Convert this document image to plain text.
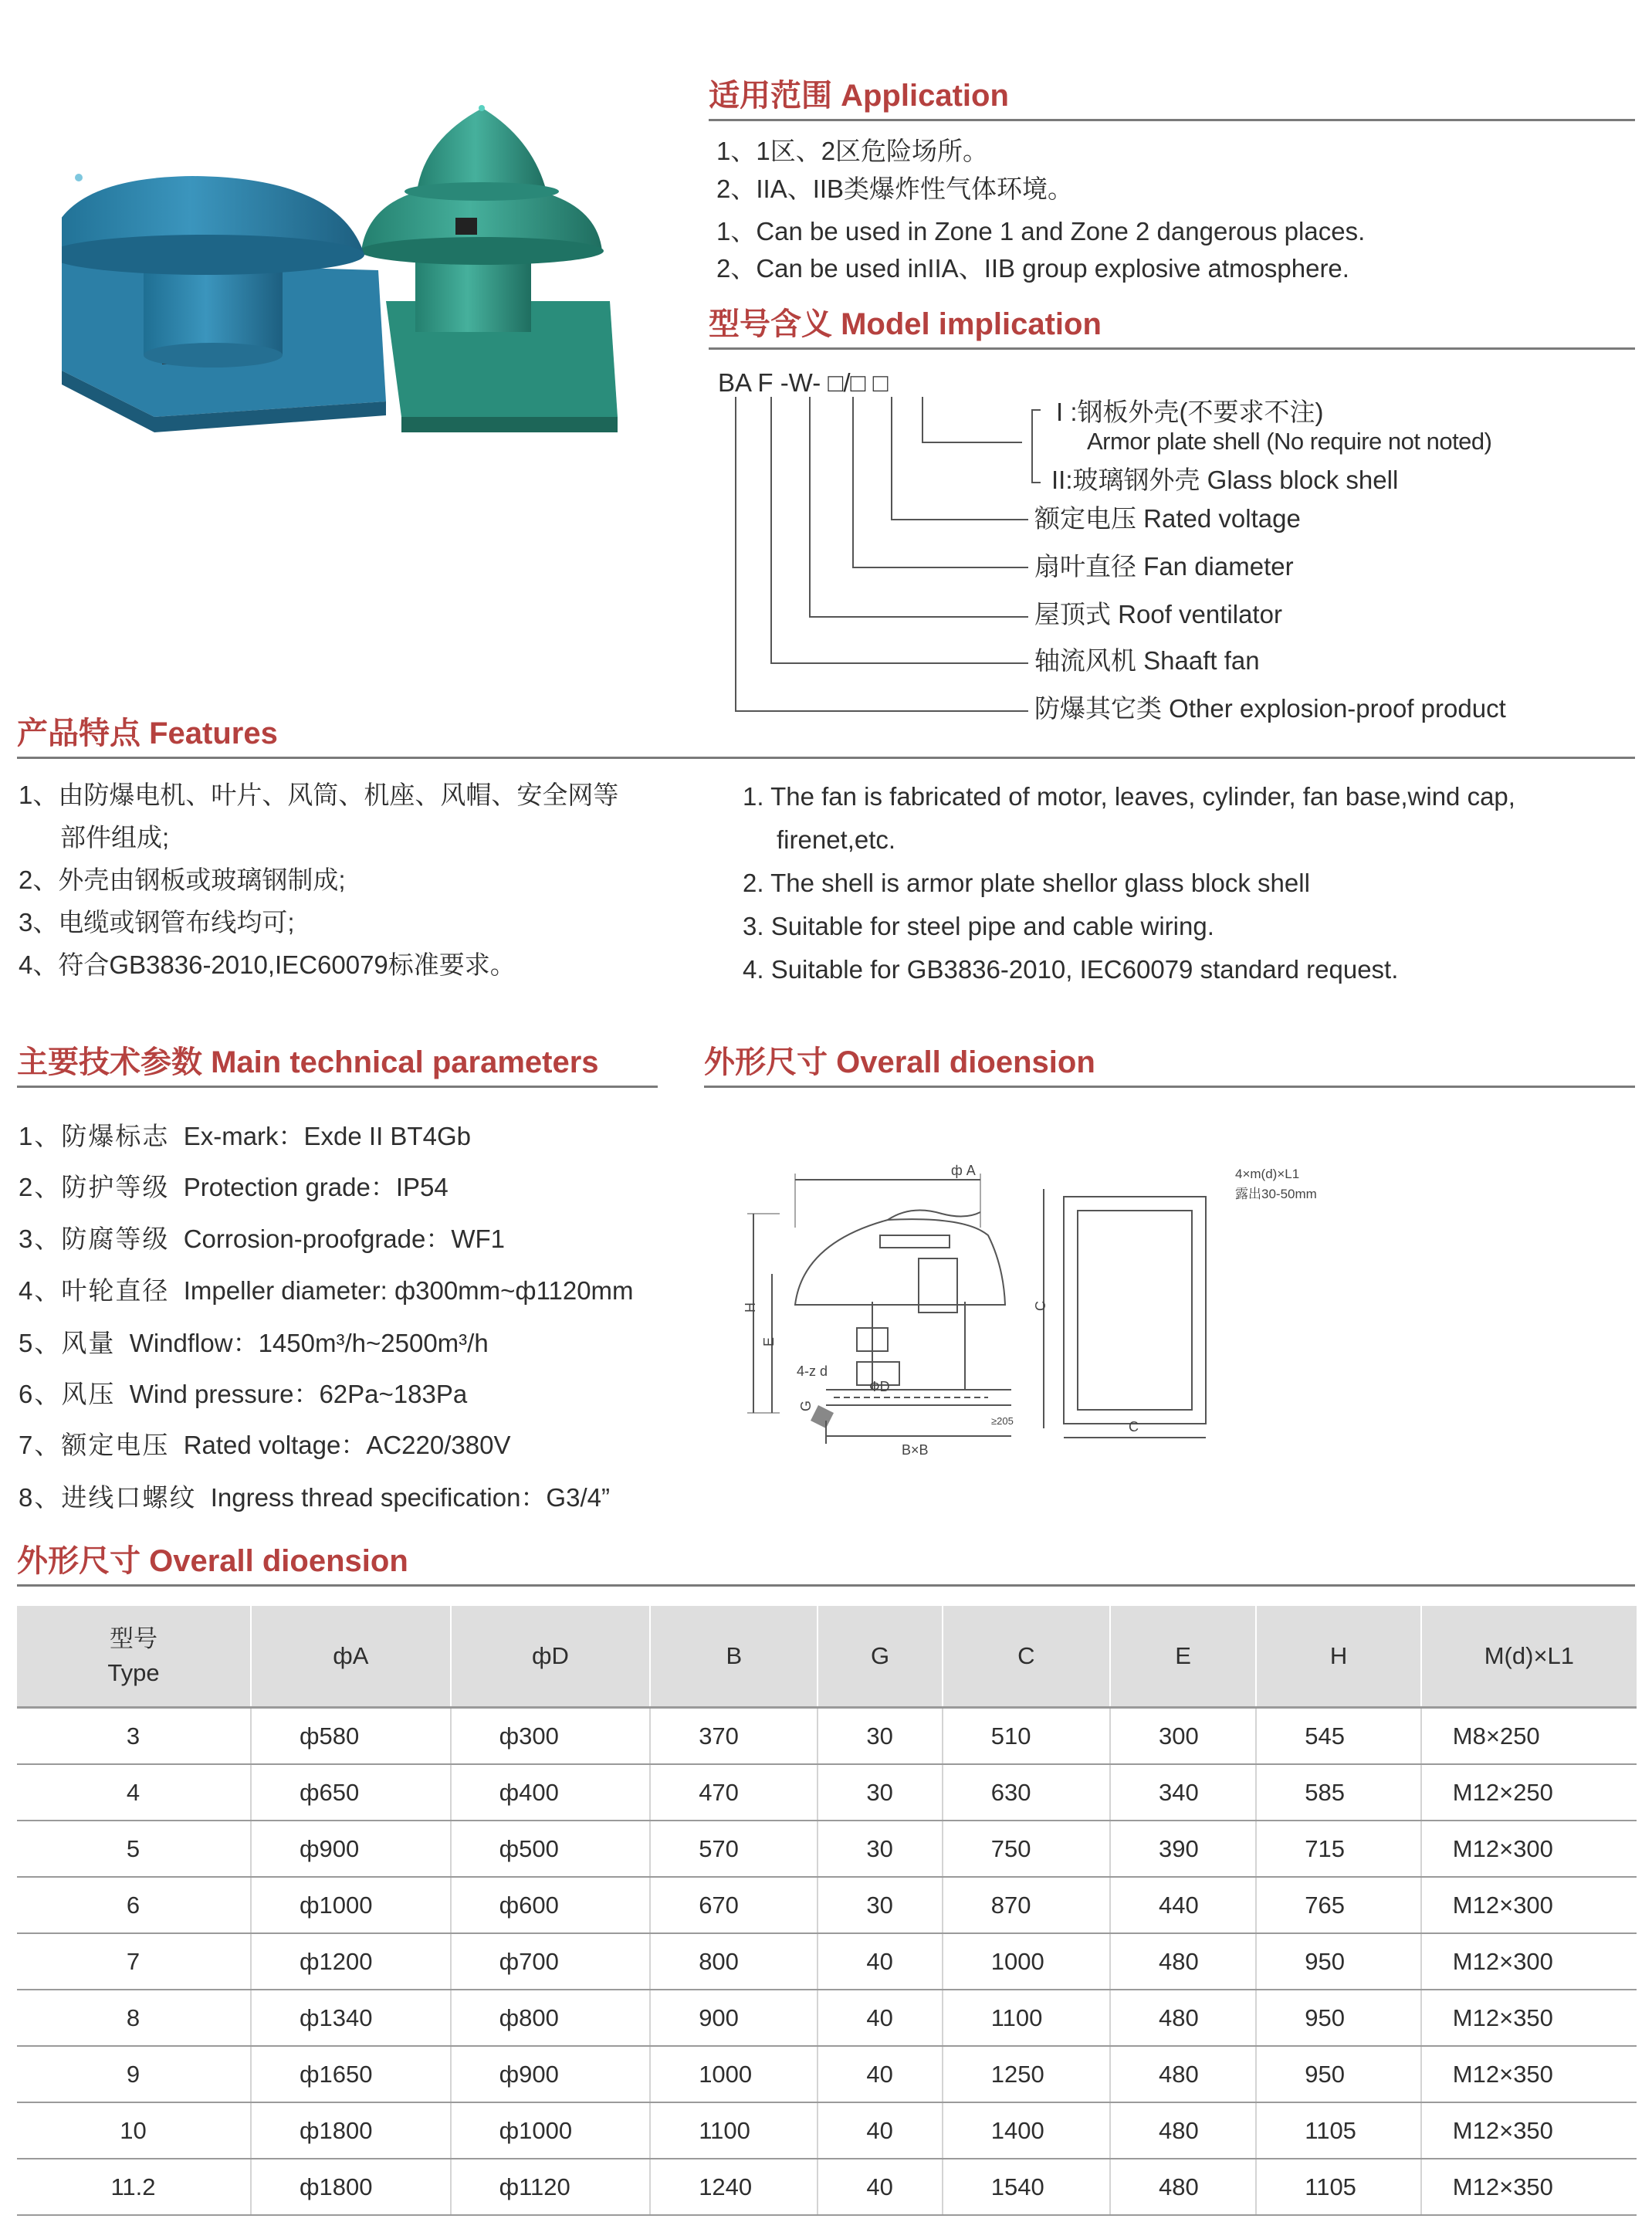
适用范围 Application
1、1区、2区危险场所。
2、IIA、IIB类爆炸性气体环境。
1、Can be used in Zone 1 and Zone 2 dangerous places.
2、Can be used inIIA、IIB group explosive atmosphere.
型号含义 Model implication
BA F -W- □/□ □
I :钢板外壳(不要求不注)
Armor plate shell (No require not noted)
II:玻璃钢外壳 Glass block shell
额定电压 Rated voltage
扇叶直径 Fan diameter
屋顶式 Roof ventilator
轴流风机 Shaaft fan
防爆其它类 Other explosion-proof product
产品特点 Features
1、由防爆电机、叶片、风筒、机座、风帽、安全网等
部件组成;
2、外壳由钢板或玻璃钢制成;
3、电缆或钢管布线均可;
4、符合GB3836-2010,IEC60079标准要求。
1. The fan is fabricated of motor, leaves, cylinder, fan base,wind cap,
firenet,etc.
2. The shell is armor plate shellor glass block shell
3. Suitable for steel pipe and cable wiring.
4. Suitable for GB3836-2010, IEC60079 standard request.
主要技术参数 Main technical parameters
1、防爆标志 Ex-mark：Exde II BT4Gb
2、防护等级 Protection grade：IP54
3、防腐等级 Corrosion-proofgrade：WF1
4、叶轮直径 Impeller diameter: ф300mm~ф1120mm
5、风量 Windflow：1450m³/h~2500m³/h
6、风压 Wind pressure：62Pa~183Pa
7、额定电压 Rated voltage：AC220/380V
8、进线口螺纹 Ingress thread specification：G3/4”
外形尺寸 Overall dioension
ф A
ФD
4-z d
B×B
G
H
E
≥205
C
C
4×m(d)×L1
露出30-50mm
外形尺寸 Overall dioension
型号
Type	фA	фD	B	G	C	E	H	M(d)×L1
3	ф580	ф300	370	30	510	300	545	M8×250
4	ф650	ф400	470	30	630	340	585	M12×250
5	ф900	ф500	570	30	750	390	715	M12×300
6	ф1000	ф600	670	30	870	440	765	M12×300
7	ф1200	ф700	800	40	1000	480	950	M12×300
8	ф1340	ф800	900	40	1100	480	950	M12×350
9	ф1650	ф900	1000	40	1250	480	950	M12×350
10	ф1800	ф1000	1100	40	1400	480	1105	M12×350
11.2	ф1800	ф1120	1240	40	1540	480	1105	M12×350
